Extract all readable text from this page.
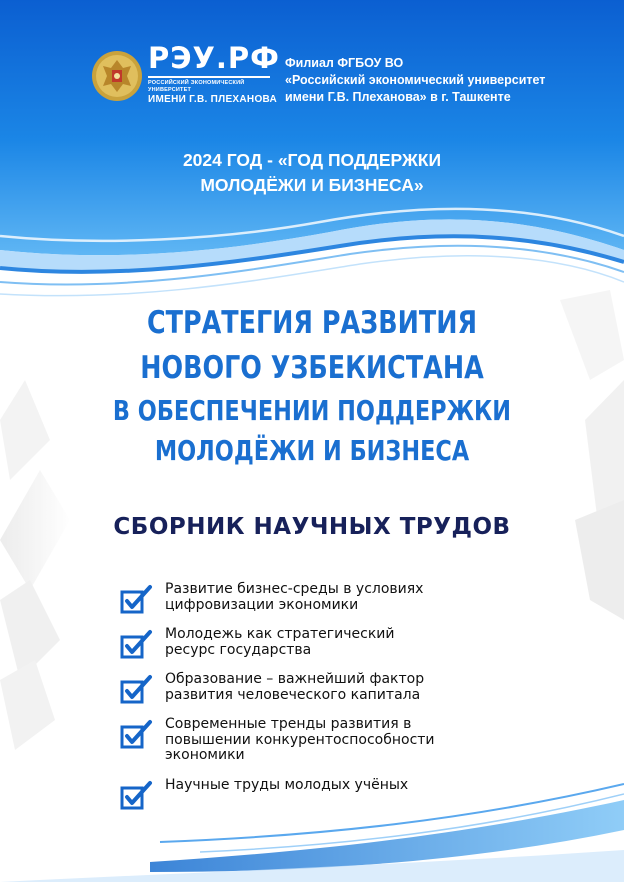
РЭУ.РФ
РОССИЙСКИЙ ЭКОНОМИЧЕСКИЙ УНИВЕРСИТЕТ
ИМЕНИ Г.В. ПЛЕХАНОВА
Филиал ФГБОУ ВО
«Российский экономический университет
имени Г.В. Плеханова» в г. Ташкенте
2024 ГОД - «ГОД ПОДДЕРЖКИ
МОЛОДЁЖИ И БИЗНЕСА»
СТРАТЕГИЯ РАЗВИТИЯ
НОВОГО УЗБЕКИСТАНА
В ОБЕСПЕЧЕНИИ ПОДДЕРЖКИ
МОЛОДЁЖИ И БИЗНЕСА
СБОРНИК НАУЧНЫХ ТРУДОВ
Развитие бизнес-среды в условиях
цифровизации экономики
Молодежь как стратегический
ресурс государства
Образование – важнейший фактор
развития человеческого капитала
Современные тренды развития в
повышении конкурентоспособности
экономики
Научные труды молодых учёных
